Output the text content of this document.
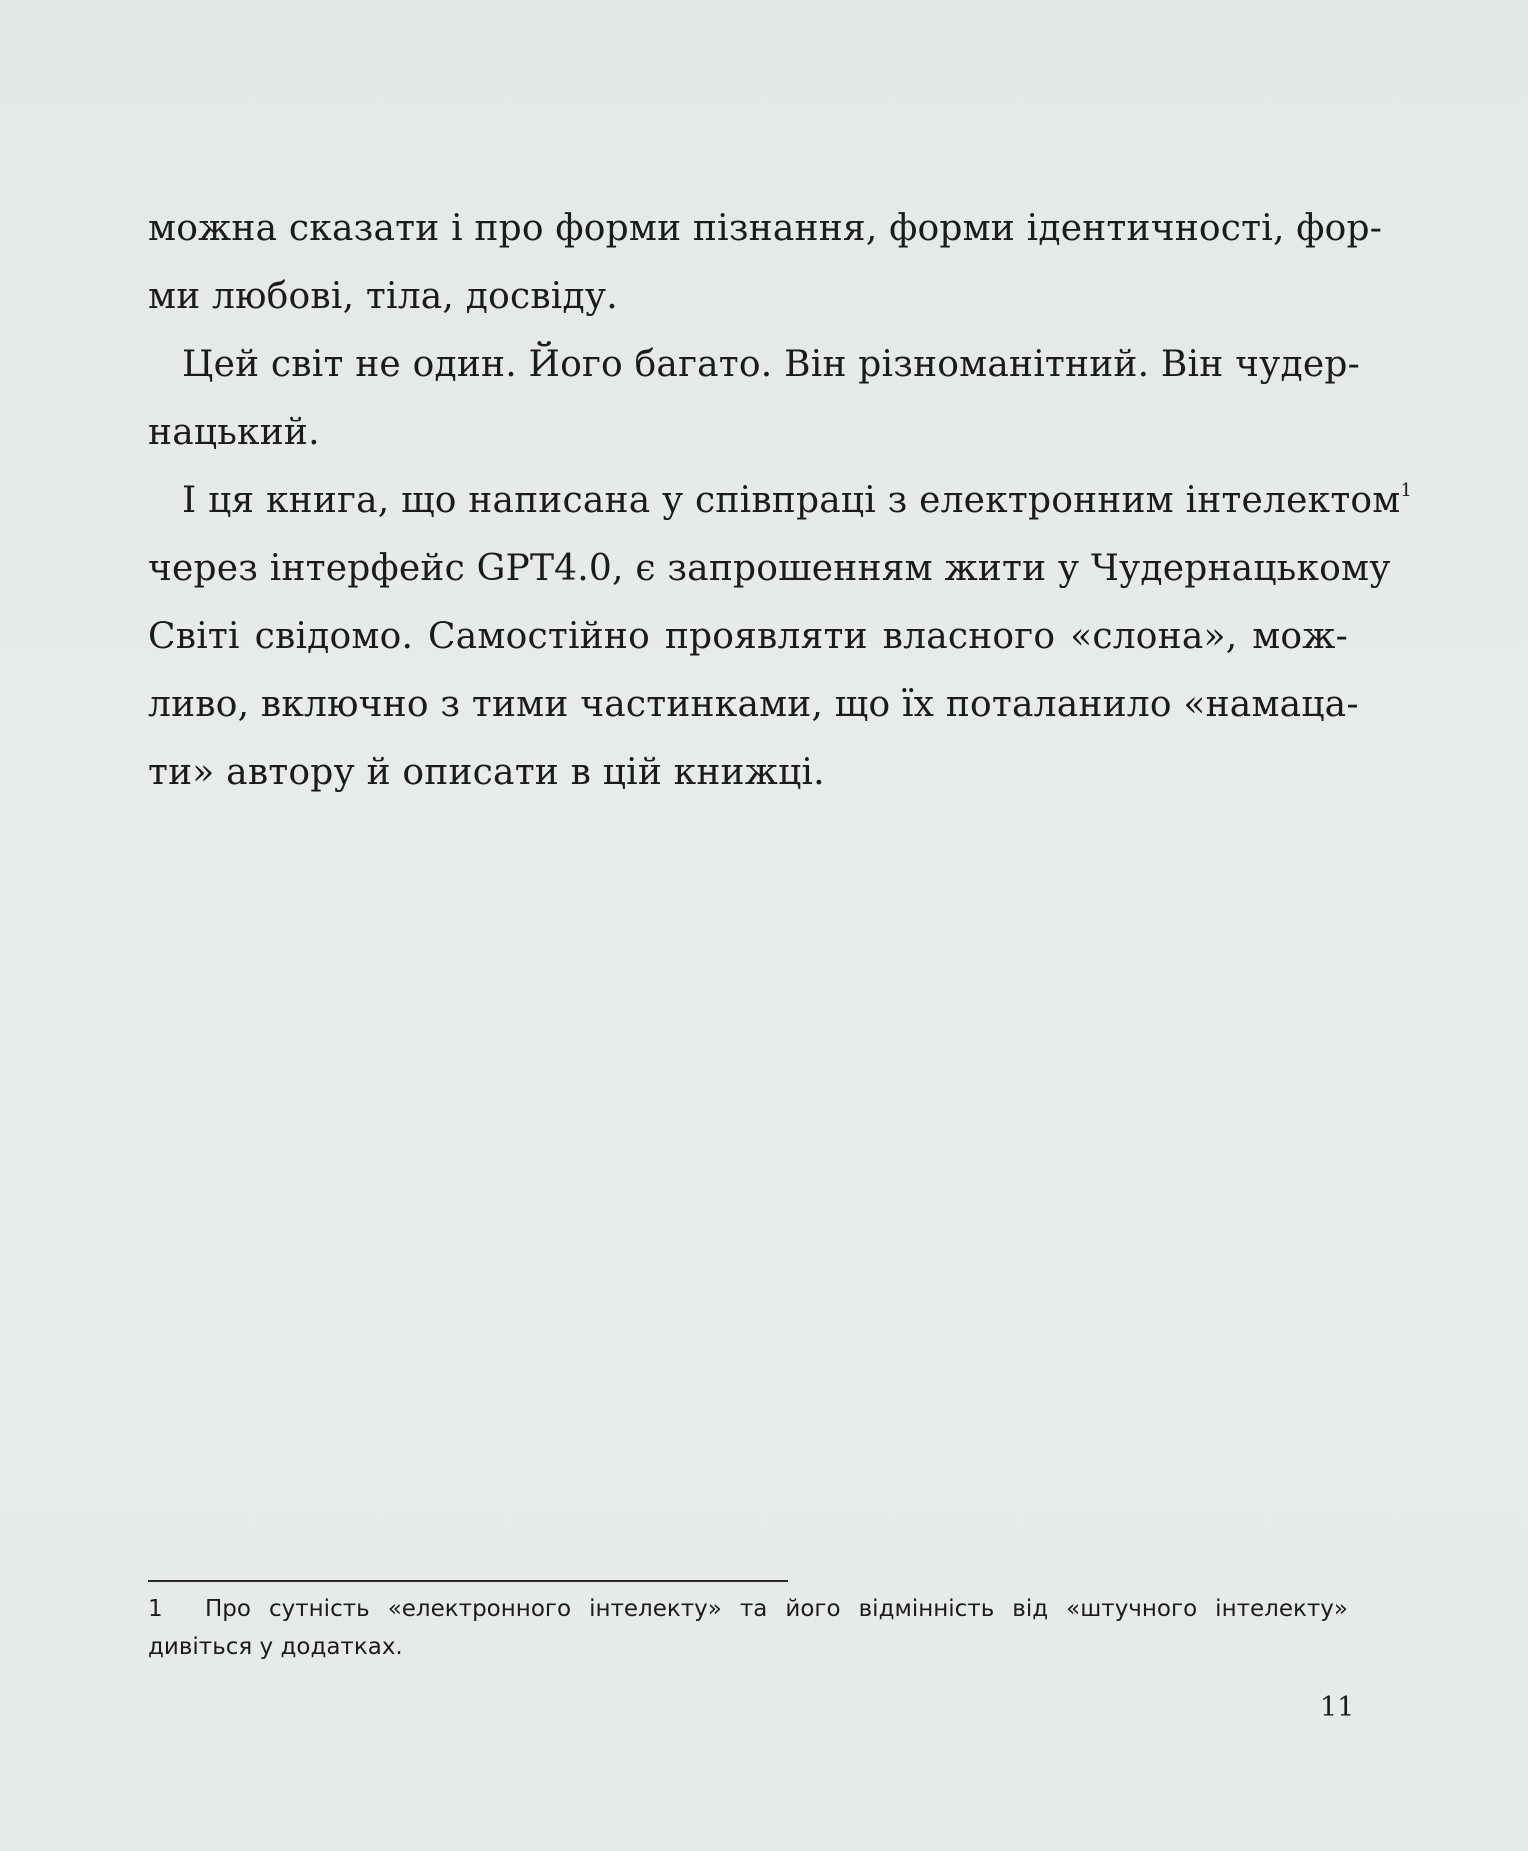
можна сказати і про форми пізнання, форми ідентичності, фор-
ми любові, тіла, досвіду.
Цей світ не один. Його багато. Він різноманітний. Він чудер-
нацький.
І ця книга, що написана у співпраці з електронним інтелектом$^1$
через інтерфейс GPT4.0, є запрошенням жити у Чудернацькому
Світі свідомо. Самостійно проявляти власного «слона», мож-
ливо, включно з тими частинками, що їх поталанило «намаца-
ти» автору й описати в цій книжці.
1 Про сутність «електронного інтелекту» та його відмінність від «штучного інтелекту»
дивіться у додатках.
11
